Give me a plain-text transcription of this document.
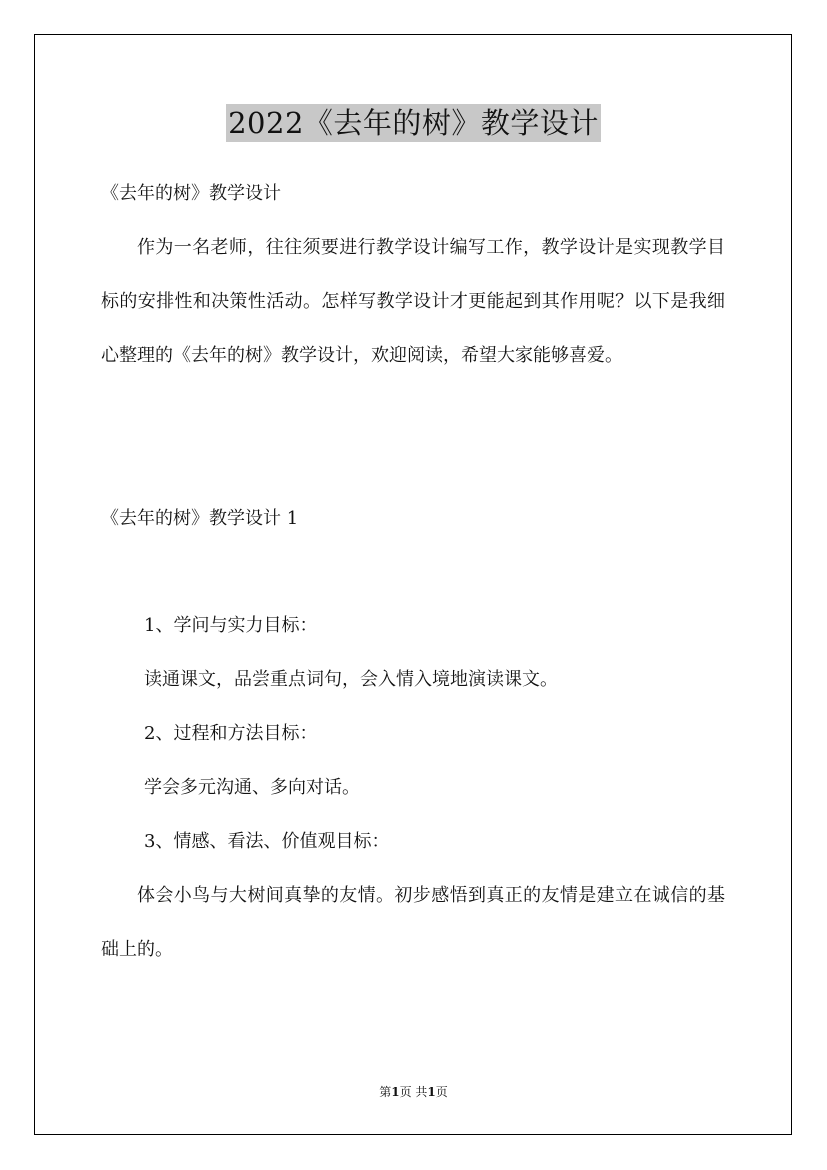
2022《去年的树》教学设计
《去年的树》教学设计
作为一名老师，往往须要进行教学设计编写工作，教学设计是实现教学目标的安排性和决策性活动。怎样写教学设计才更能起到其作用呢？以下是我细心整理的《去年的树》教学设计，欢迎阅读，希望大家能够喜爱。
《去年的树》教学设计 1
1、学问与实力目标：
读通课文，品尝重点词句，会入情入境地演读课文。
2、过程和方法目标：
学会多元沟通、多向对话。
3、情感、看法、价值观目标：
体会小鸟与大树间真挚的友情。初步感悟到真正的友情是建立在诚信的基础上的。
第1页 共1页
